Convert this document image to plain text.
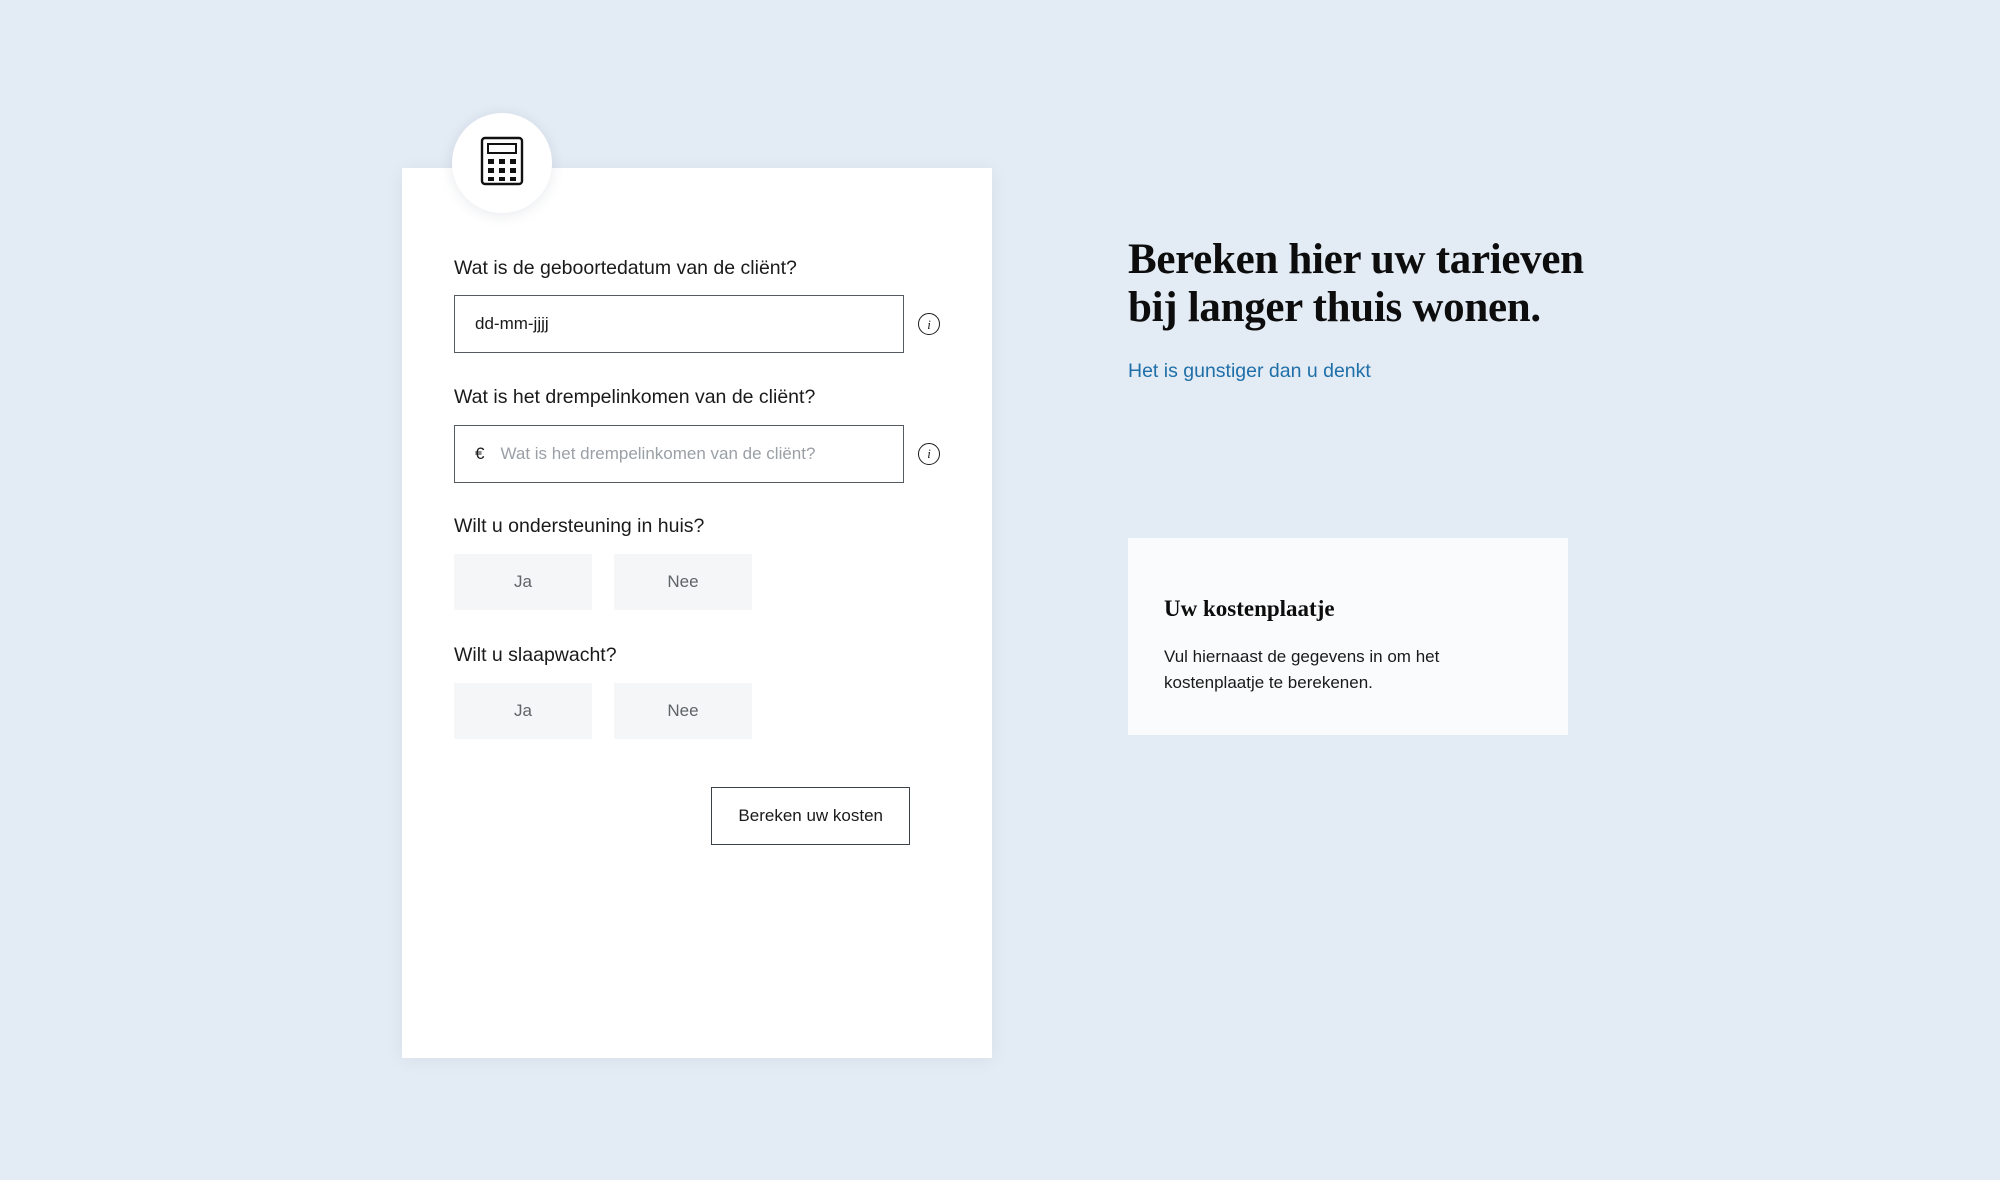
Wat is de geboortedatum van de cliënt?
dd-mm-jjjj
i
Wat is het drempelinkomen van de cliënt?
€
Wat is het drempelinkomen van de cliënt?	i
Wilt u ondersteuning in huis?
Ja	Nee
Wilt u slaapwacht?
Ja	Nee
Bereken uw kosten
Bereken hier uw tarieven bij langer thuis wonen.

Het is gunstiger dan u denkt

Uw kostenplaatje

Vul hiernaast de gegevens in om het kostenplaatje te berekenen.
